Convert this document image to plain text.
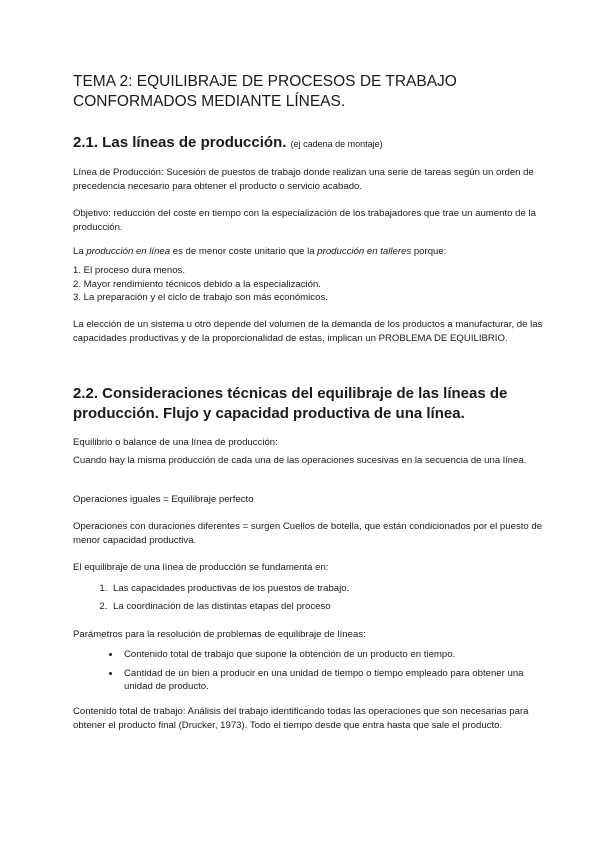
TEMA 2: EQUILIBRAJE DE PROCESOS DE TRABAJO
CONFORMADOS MEDIANTE LÍNEAS.
2.1. Las líneas de producción. (ej cadena de montaje)

Línea de Producción: Sucesión de puestos de trabajo donde realizan una serie de tareas según un orden de precedencia necesario para obtener el producto o servicio acabado.

Objetivo: reducción del coste en tiempo con la especialización de los trabajadores que trae un aumento de la producción.

La producción en línea es de menor coste unitario que la producción en talleres porque:

1. El proceso dura menos.
2. Mayor rendimiento técnicos debido a la especialización.
3. La preparación y el ciclo de trabajo son más económicos.

La elección de un sistema u otro depende del volumen de la demanda de los productos a manufacturar, de las capacidades productivas y de la proporcionalidad de estas, implican un PROBLEMA DE EQUILIBRIO.

2.2. Consideraciones técnicas del equilibraje de las líneas de producción. Flujo y capacidad productiva de una línea.

Equilibrio o balance de una línea de producción:

Cuando hay la misma producción de cada una de las operaciones sucesivas en la secuencia de una línea.

Operaciones iguales = Equilibraje perfecto

Operaciones con duraciones diferentes = surgen Cuellos de botella, que están condicionados por el puesto de menor capacidad productiva.

El equilibraje de una línea de producción se fundamenta en:

1. Las capacidades productivas de los puestos de trabajo.
2. La coordinación de las distintas etapas del proceso

Parámetros para la resolución de problemas de equilibraje de líneas:

• Contenido total de trabajo que supone la obtención de un producto en tiempo.
• Cantidad de un bien a producir en una unidad de tiempo o tiempo empleado para obtener una unidad de producto.

Contenido total de trabajo: Análisis del trabajo identificando todas las operaciones que son necesarias para obtener el producto final (Drucker, 1973). Todo el tiempo desde que entra hasta que sale el producto.
